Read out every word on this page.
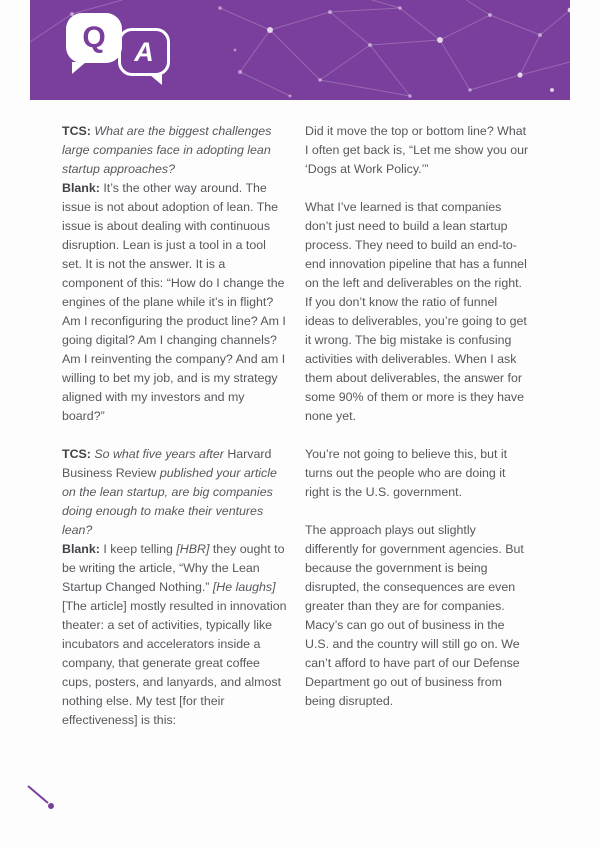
Q A

TCS: What are the biggest challenges large companies face in adopting lean startup approaches?

Blank: It’s the other way around. The issue is not about adoption of lean. The issue is about dealing with continuous disruption. Lean is just a tool in a tool set. It is not the answer. It is a component of this: “How do I change the engines of the plane while it’s in flight? Am I reconfiguring the product line? Am I going digital? Am I changing channels? Am I reinventing the company? And am I willing to bet my job, and is my strategy aligned with my investors and my board?”

TCS: So what five years after Harvard Business Review published your article on the lean startup, are big companies doing enough to make their ventures lean?

Blank: I keep telling [HBR] they ought to be writing the article, “Why the Lean Startup Changed Nothing.” [He laughs] [The article] mostly resulted in innovation theater: a set of activities, typically like incubators and accelerators inside a company, that generate great coffee cups, posters, and lanyards, and almost nothing else. My test [for their effectiveness] is this:

Did it move the top or bottom line? What I often get back is, “Let me show you our ‘Dogs at Work Policy.’”

What I’ve learned is that companies don’t just need to build a lean startup process. They need to build an end-to-end innovation pipeline that has a funnel on the left and deliverables on the right. If you don’t know the ratio of funnel ideas to deliverables, you’re going to get it wrong. The big mistake is confusing activities with deliverables. When I ask them about deliverables, the answer for some 90% of them or more is they have none yet.

You’re not going to believe this, but it turns out the people who are doing it right is the U.S. government.

The approach plays out slightly differently for government agencies. But because the government is being disrupted, the consequences are even greater than they are for companies. Macy’s can go out of business in the U.S. and the country will still go on. We can’t afford to have part of our Defense Department go out of business from being disrupted.
